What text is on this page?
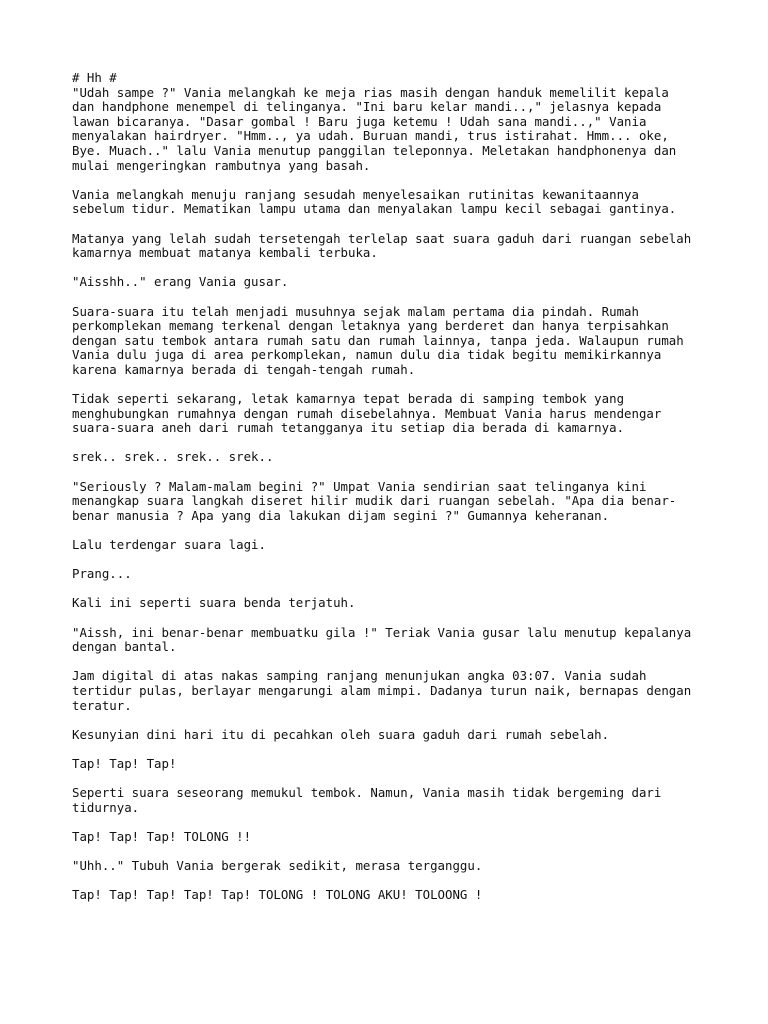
# Hh #
"Udah sampe ?" Vania melangkah ke meja rias masih dengan handuk memelilit kepala
dan handphone menempel di telinganya. "Ini baru kelar mandi..," jelasnya kepada
lawan bicaranya. "Dasar gombal ! Baru juga ketemu ! Udah sana mandi..," Vania
menyalakan hairdryer. "Hmm.., ya udah. Buruan mandi, trus istirahat. Hmm... oke,
Bye. Muach.." lalu Vania menutup panggilan teleponnya. Meletakan handphonenya dan
mulai mengeringkan rambutnya yang basah.
Vania melangkah menuju ranjang sesudah menyelesaikan rutinitas kewanitaannya
sebelum tidur. Mematikan lampu utama dan menyalakan lampu kecil sebagai gantinya.
Matanya yang lelah sudah tersetengah terlelap saat suara gaduh dari ruangan sebelah
kamarnya membuat matanya kembali terbuka.
"Aisshh.." erang Vania gusar.
Suara-suara itu telah menjadi musuhnya sejak malam pertama dia pindah. Rumah
perkomplekan memang terkenal dengan letaknya yang berderet dan hanya terpisahkan
dengan satu tembok antara rumah satu dan rumah lainnya, tanpa jeda. Walaupun rumah
Vania dulu juga di area perkomplekan, namun dulu dia tidak begitu memikirkannya
karena kamarnya berada di tengah-tengah rumah.
Tidak seperti sekarang, letak kamarnya tepat berada di samping tembok yang
menghubungkan rumahnya dengan rumah disebelahnya. Membuat Vania harus mendengar
suara-suara aneh dari rumah tetangganya itu setiap dia berada di kamarnya.
srek.. srek.. srek.. srek..
"Seriously ? Malam-malam begini ?" Umpat Vania sendirian saat telinganya kini
menangkap suara langkah diseret hilir mudik dari ruangan sebelah. "Apa dia benar-
benar manusia ? Apa yang dia lakukan dijam segini ?" Gumannya keheranan.
Lalu terdengar suara lagi.
Prang...
Kali ini seperti suara benda terjatuh.
"Aissh, ini benar-benar membuatku gila !" Teriak Vania gusar lalu menutup kepalanya
dengan bantal.
Jam digital di atas nakas samping ranjang menunjukan angka 03:07. Vania sudah
tertidur pulas, berlayar mengarungi alam mimpi. Dadanya turun naik, bernapas dengan
teratur.
Kesunyian dini hari itu di pecahkan oleh suara gaduh dari rumah sebelah.
Tap! Tap! Tap!
Seperti suara seseorang memukul tembok. Namun, Vania masih tidak bergeming dari
tidurnya.
Tap! Tap! Tap! TOLONG !!
"Uhh.." Tubuh Vania bergerak sedikit, merasa terganggu.
Tap! Tap! Tap! Tap! Tap! TOLONG ! TOLONG AKU! TOLOONG !
